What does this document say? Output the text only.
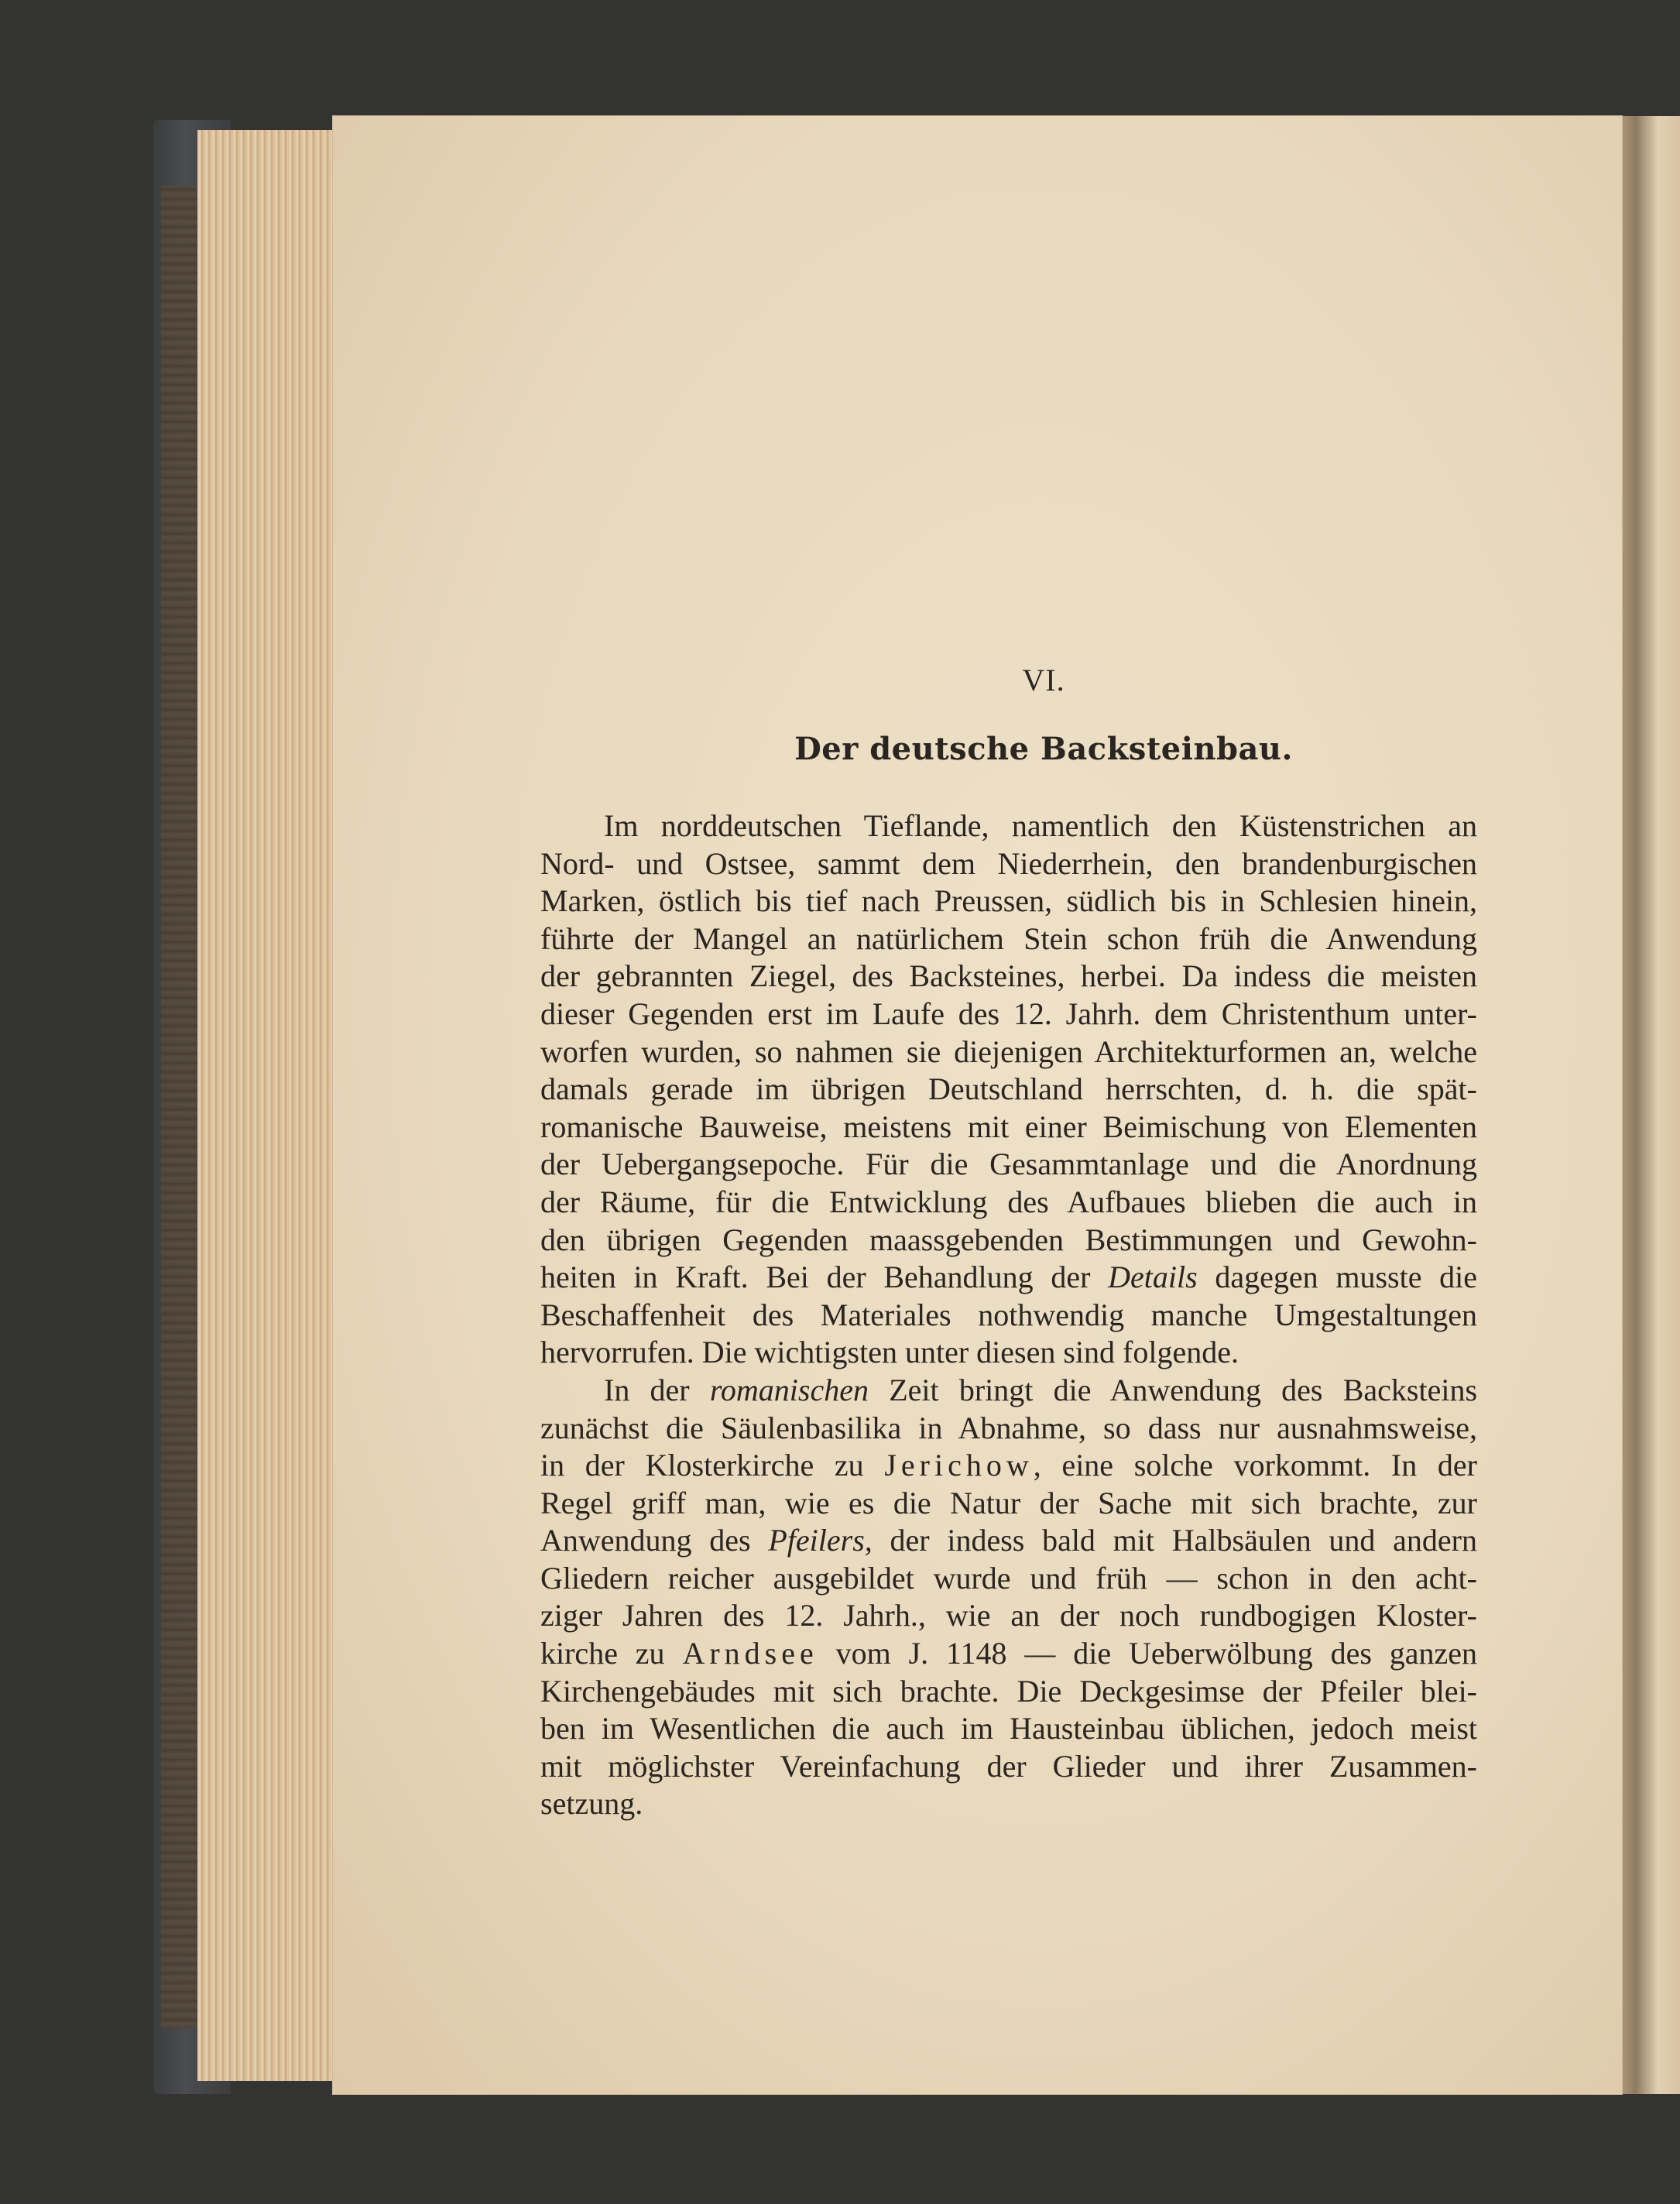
VI.
Der deutsche Backsteinbau.
Im norddeutschen Tieflande, namentlich den Küstenstrichen an
Nord- und Ostsee, sammt dem Niederrhein, den brandenburgischen
Marken, östlich bis tief nach Preussen, südlich bis in Schlesien hinein,
führte der Mangel an natürlichem Stein schon früh die Anwendung
der gebrannten Ziegel, des Backsteines, herbei. Da indess die meisten
dieser Gegenden erst im Laufe des 12. Jahrh. dem Christenthum unter-
worfen wurden, so nahmen sie diejenigen Architekturformen an, welche
damals gerade im übrigen Deutschland herrschten, d. h. die spät-
romanische Bauweise, meistens mit einer Beimischung von Elementen
der Uebergangsepoche. Für die Gesammtanlage und die Anordnung
der Räume, für die Entwicklung des Aufbaues blieben die auch in
den übrigen Gegenden maassgebenden Bestimmungen und Gewohn-
heiten in Kraft. Bei der Behandlung der Details dagegen musste die
Beschaffenheit des Materiales nothwendig manche Umgestaltungen
hervorrufen. Die wichtigsten unter diesen sind folgende.
In der romanischen Zeit bringt die Anwendung des Backsteins
zunächst die Säulenbasilika in Abnahme, so dass nur ausnahmsweise,
in der Klosterkirche zu Jerichow, eine solche vorkommt. In der
Regel griff man, wie es die Natur der Sache mit sich brachte, zur
Anwendung des Pfeilers, der indess bald mit Halbsäulen und andern
Gliedern reicher ausgebildet wurde und früh — schon in den acht-
ziger Jahren des 12. Jahrh., wie an der noch rundbogigen Kloster-
kirche zu Arndsee vom J. 1148 — die Ueberwölbung des ganzen
Kirchengebäudes mit sich brachte. Die Deckgesimse der Pfeiler blei-
ben im Wesentlichen die auch im Hausteinbau üblichen, jedoch meist
mit möglichster Vereinfachung der Glieder und ihrer Zusammen-
setzung.
